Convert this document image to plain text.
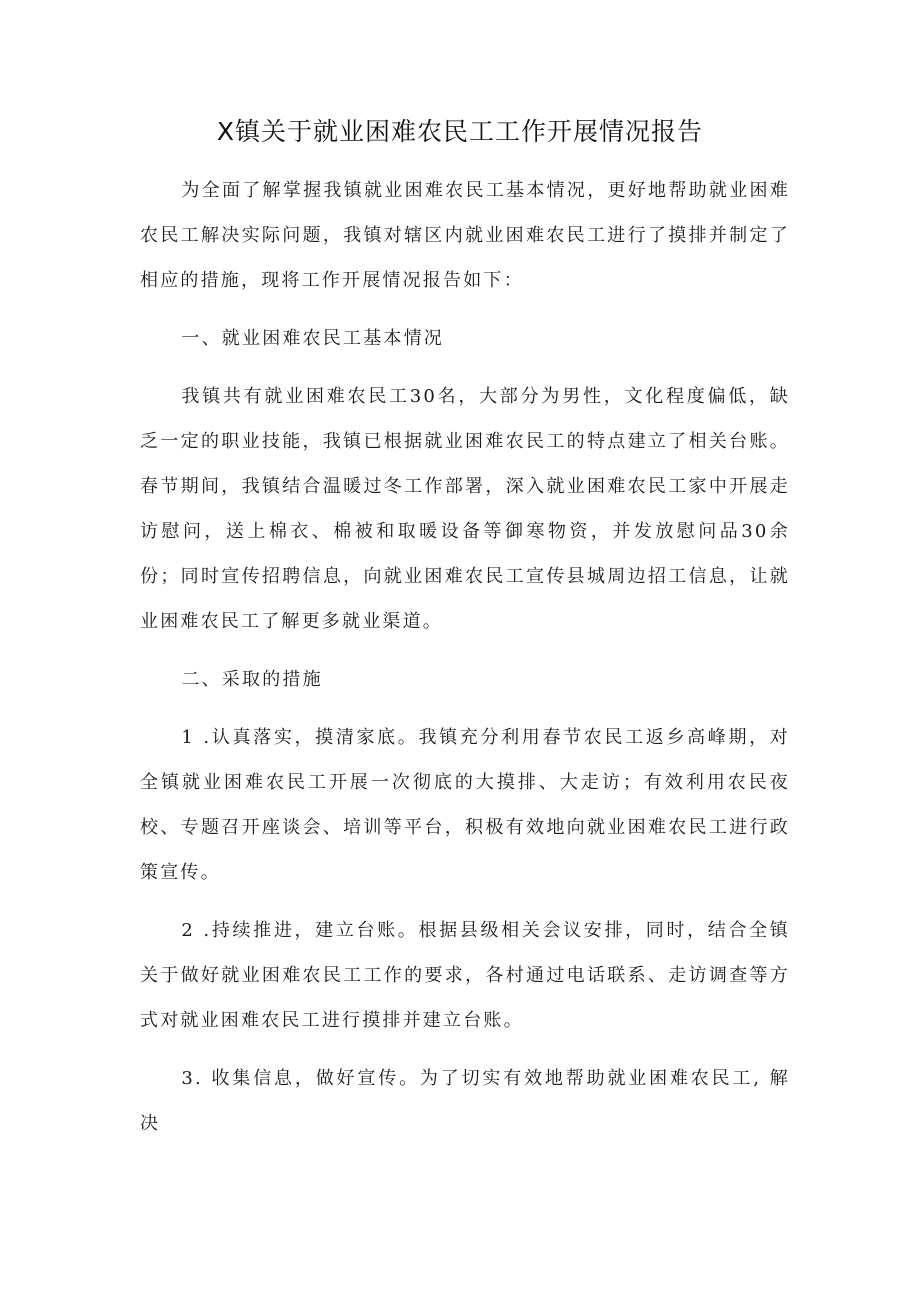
X镇关于就业困难农民工工作开展情况报告

为全面了解掌握我镇就业困难农民工基本情况，更好地帮助就业困难农民工解决实际问题，我镇对辖区内就业困难农民工进行了摸排并制定了相应的措施，现将工作开展情况报告如下：

一、就业困难农民工基本情况

我镇共有就业困难农民工30名，大部分为男性，文化程度偏低，缺乏一定的职业技能，我镇已根据就业困难农民工的特点建立了相关台账。春节期间，我镇结合温暖过冬工作部署，深入就业困难农民工家中开展走访慰问，送上棉衣、棉被和取暖设备等御寒物资，并发放慰问品30余份；同时宣传招聘信息，向就业困难农民工宣传县城周边招工信息，让就业困难农民工了解更多就业渠道。

二、采取的措施

1 .认真落实，摸清家底。我镇充分利用春节农民工返乡高峰期，对全镇就业困难农民工开展一次彻底的大摸排、大走访；有效利用农民夜校、专题召开座谈会、培训等平台，积极有效地向就业困难农民工进行政策宣传。

2 .持续推进，建立台账。根据县级相关会议安排，同时，结合全镇关于做好就业困难农民工工作的要求，各村通过电话联系、走访调查等方式对就业困难农民工进行摸排并建立台账。

3. 收集信息，做好宣传。为了切实有效地帮助就业困难农民工, 解决
